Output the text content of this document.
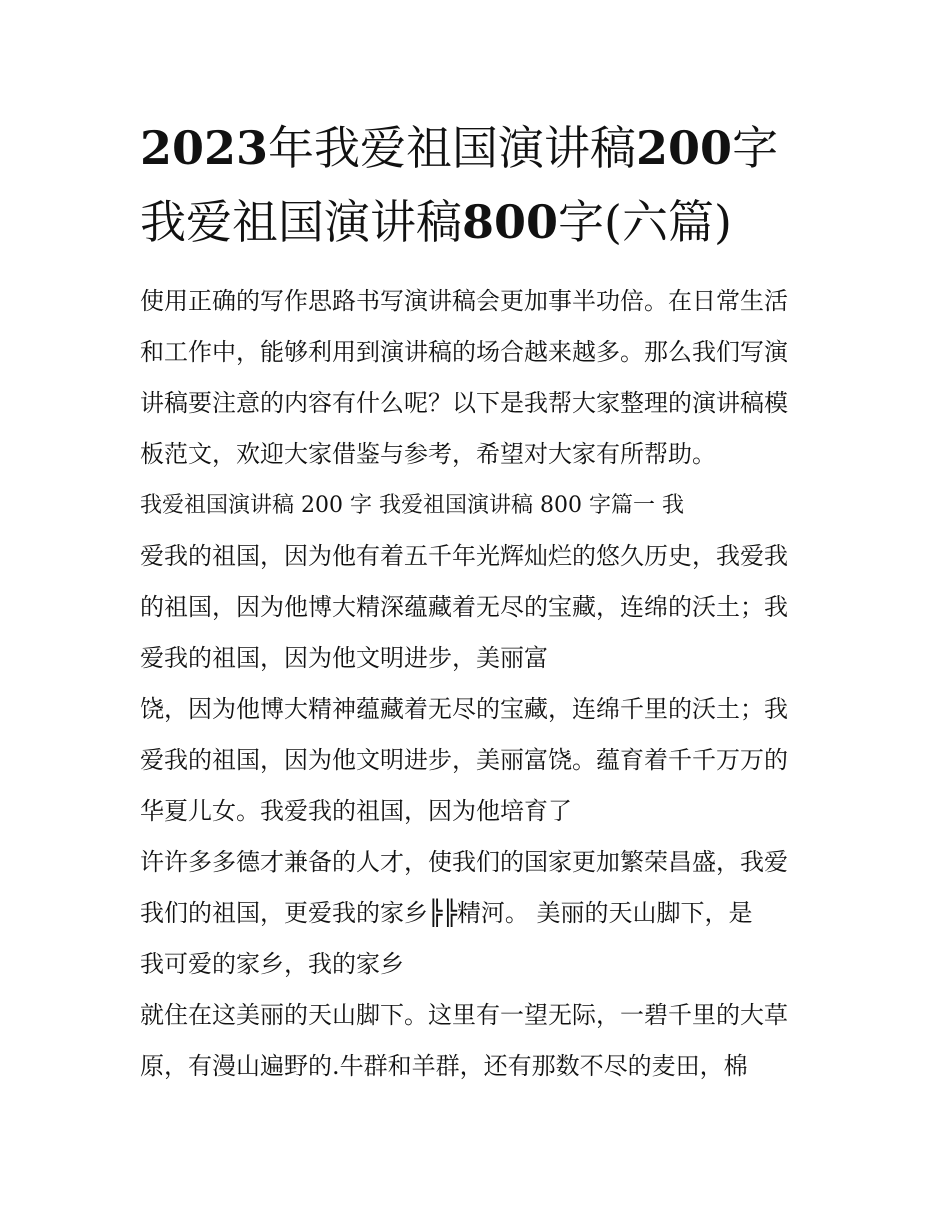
2023年我爱祖国演讲稿200字
我爱祖国演讲稿800字(六篇)
使用正确的写作思路书写演讲稿会更加事半功倍。在日常生活
和工作中，能够利用到演讲稿的场合越来越多。那么我们写演
讲稿要注意的内容有什么呢？以下是我帮大家整理的演讲稿模
板范文，欢迎大家借鉴与参考，希望对大家有所帮助。
我爱祖国演讲稿 200 字 我爱祖国演讲稿 800 字篇一 我
爱我的祖国，因为他有着五千年光辉灿烂的悠久历史，我爱我
的祖国，因为他博大精深蕴藏着无尽的宝藏，连绵的沃土；我
爱我的祖国，因为他文明进步，美丽富
饶，因为他博大精神蕴藏着无尽的宝藏，连绵千里的沃土；我
爱我的祖国，因为他文明进步，美丽富饶。蕴育着千千万万的
华夏儿女。我爱我的祖国，因为他培育了
许许多多德才兼备的人才，使我们的国家更加繁荣昌盛，我爱
我们的祖国，更爱我的家乡╠╠精河。 美丽的天山脚下，是
我可爱的家乡，我的家乡
就住在这美丽的天山脚下。这里有一望无际，一碧千里的大草
原，有漫山遍野的.牛群和羊群，还有那数不尽的麦田，棉
